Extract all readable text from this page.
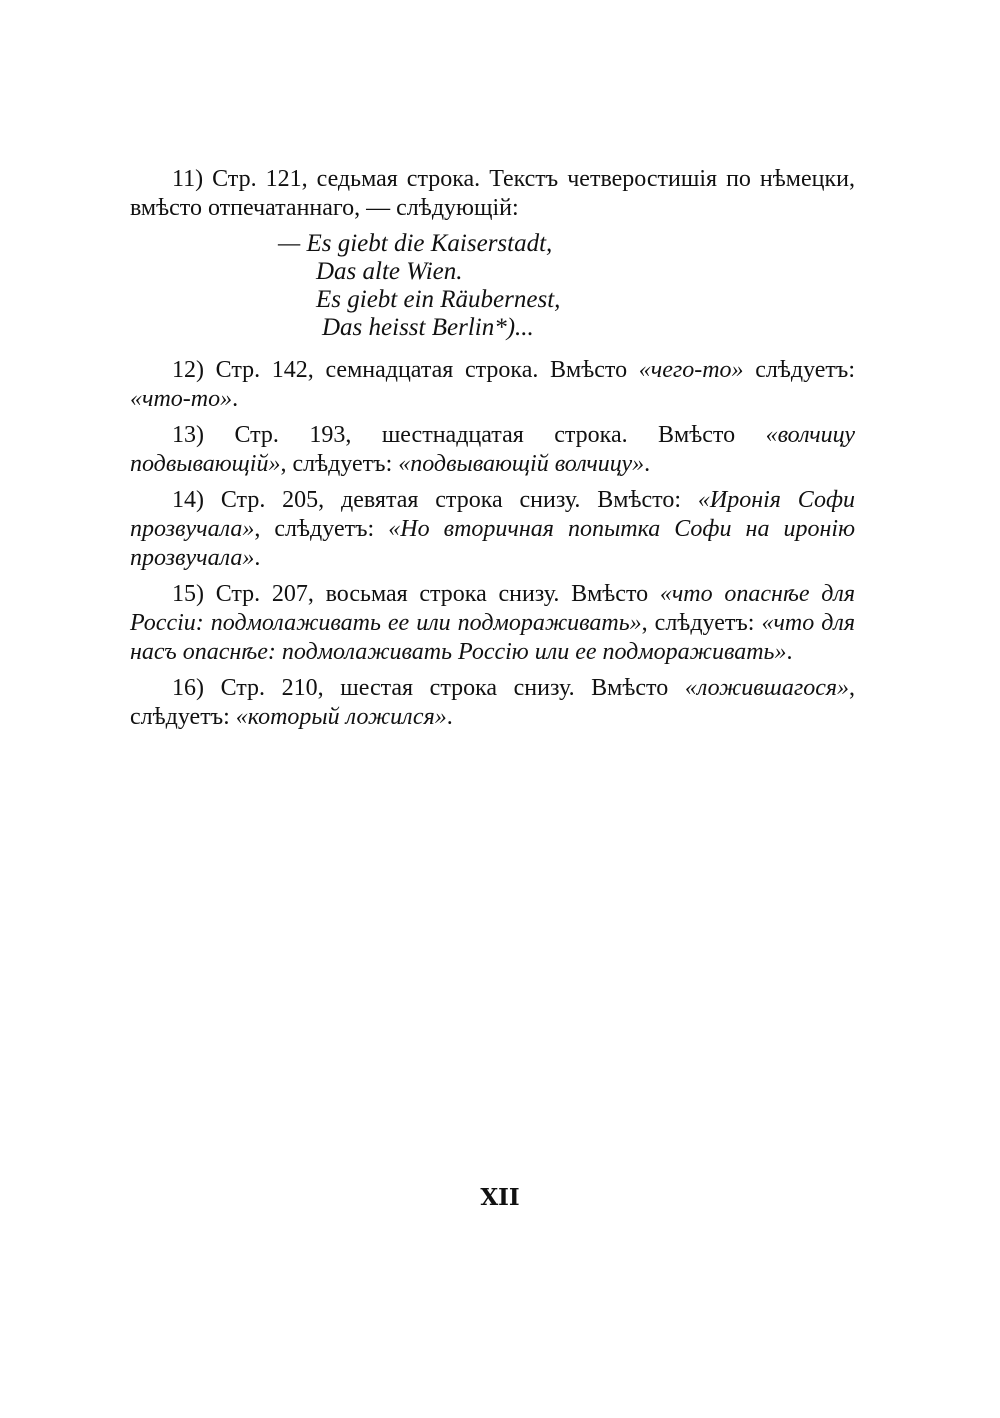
11) Стр. 121, седьмая строка. Текстъ четверостишія по нѣмецки, вмѣсто отпечатаннаго, — слѣдующій:

— Es giebt die Kaiserstadt,
Das alte Wien.
Es giebt ein Räubernest,
Das heisst Berlin*)...

12) Стр. 142, семнадцатая строка. Вмѣсто «чего-то» слѣдуетъ: «что-то».

13) Стр. 193, шестнадцатая строка. Вмѣсто «волчицу подвывающій», слѣдуетъ: «подвывающій волчицу».

14) Стр. 205, девятая строка снизу. Вмѣсто: «Иронія Софи прозвучала», слѣдуетъ: «Но вторичная попытка Софи на иронію прозвучала».

15) Стр. 207, восьмая строка снизу. Вмѣсто «что опаснѣе для Россіи: подмолаживать ее или подмораживать», слѣдуетъ: «что для насъ опаснѣе: подмолаживать Россію или ее подмораживать».

16) Стр. 210, шестая строка снизу. Вмѣсто «ложившагося», слѣдуетъ: «который ложился».

XII
